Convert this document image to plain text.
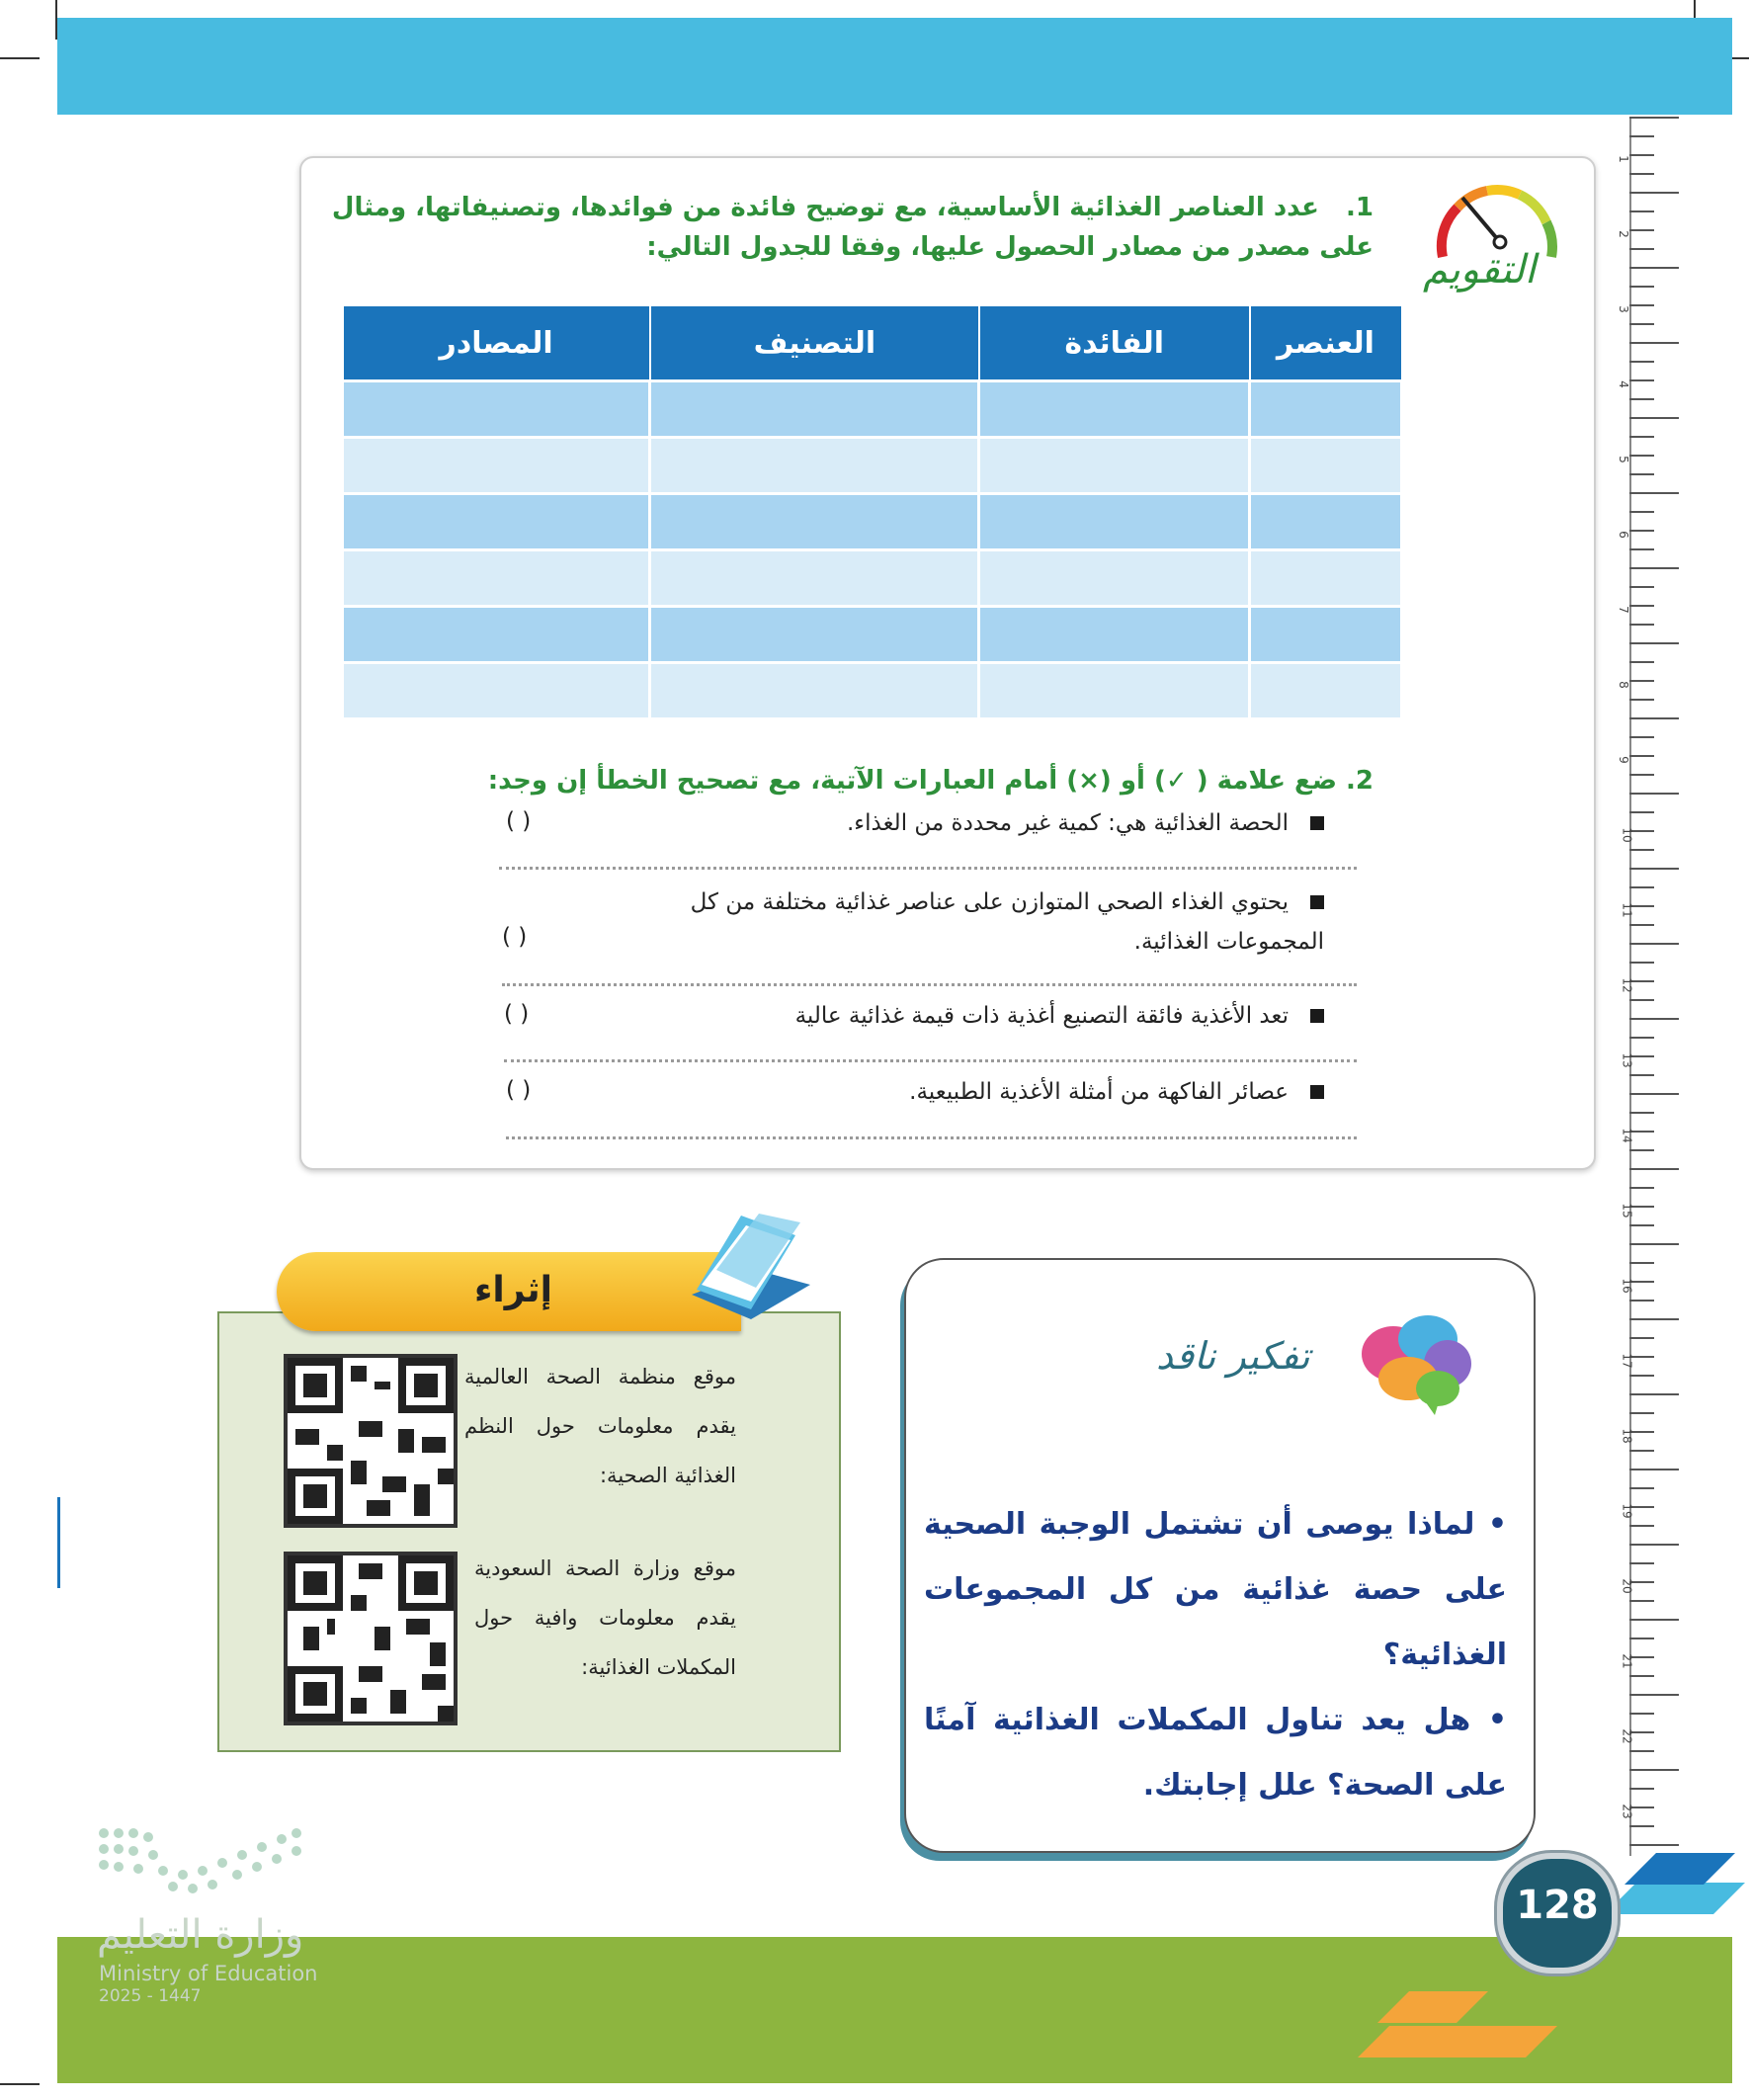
1
2
3
4
5
6
7
8
9
10
11
12
13
14
15
16
17
18
19
20
21
22
23
التقويم
1. عدد العناصر الغذائية الأساسية، مع توضيح فائدة من فوائدها، وتصنيفاتها، ومثال على مصدر من مصادر الحصول عليها، وفقا للجدول التالي:
العنصر	الفائدة	التصنيف	المصادر

2. ضع علامة ( ✓) أو (×) أمام العبارات الآتية، مع تصحيح الخطأ إن وجد:
الحصة الغذائية هي: كمية غير محددة من الغذاء.
( )
يحتوي الغذاء الصحي المتوازن على عناصر غذائية مختلفة من كل المجموعات الغذائية.
( )
تعد الأغذية فائقة التصنيع أغذية ذات قيمة غذائية عالية
( )
عصائر الفاكهة من أمثلة الأغذية الطبيعية.
( )
تفكير ناقد
• لماذا يوصى أن تشتمل الوجبة الصحية على حصة غذائية من كل المجموعات الغذائية؟
• هل يعد تناول المكملات الغذائية آمنًا على الصحة؟ علل إجابتك.
إثراء
موقع منظمة الصحة العالمية يقدم معلومات حول النظم الغذائية الصحية:
موقع وزارة الصحة السعودية يقدم معلومات وافية حول المكملات الغذائية:
وزارة التعليم
Ministry of Education
2025 - 1447
128
